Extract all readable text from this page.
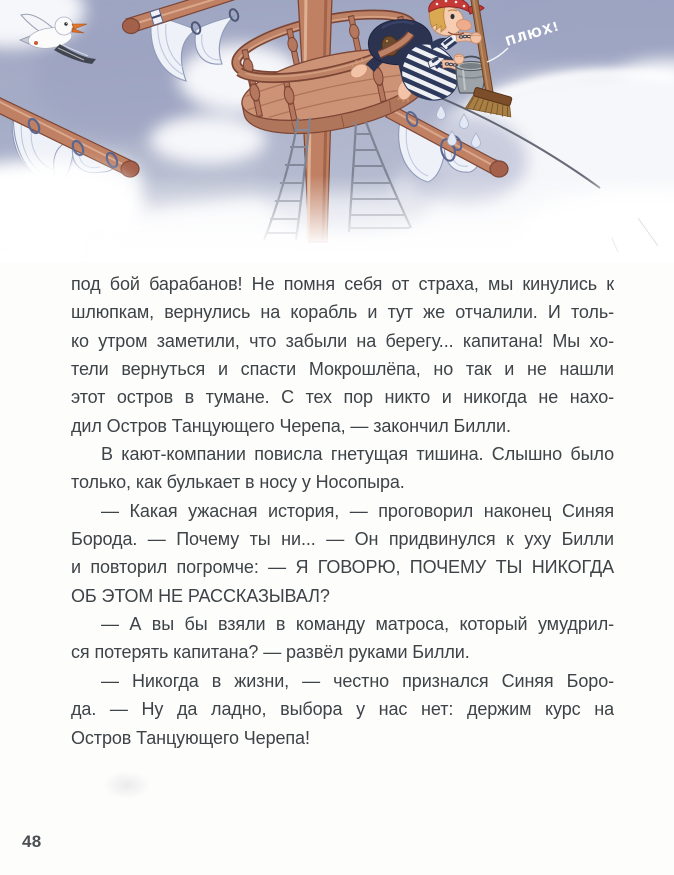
ПЛЮХ!
под бой барабанов! Не помня себя от страха, мы кинулись к
шлюпкам, вернулись на корабль и тут же отчалили. И толь-
ко утром заметили, что забыли на берегу... капитана! Мы хо-
тели вернуться и спасти Мокрошлёпа, но так и не нашли
этот остров в тумане. С тех пор никто и никогда не нахо-
дил Остров Танцующего Черепа, — закончил Билли.
В кают-компании повисла гнетущая тишина. Слышно было
только, как булькает в носу у Носопыра.
— Какая ужасная история, — проговорил наконец Синяя
Борода. — Почему ты ни... — Он придвинулся к уху Билли
и повторил погромче: — Я ГОВОРЮ, ПОЧЕМУ ТЫ НИКОГДА
ОБ ЭТОМ НЕ РАССКАЗЫВАЛ?
— А вы бы взяли в команду матроса, который умудрил-
ся потерять капитана? — развёл руками Билли.
— Никогда в жизни, — честно признался Синяя Боро-
да. — Ну да ладно, выбора у нас нет: держим курс на
Остров Танцующего Черепа!
48
